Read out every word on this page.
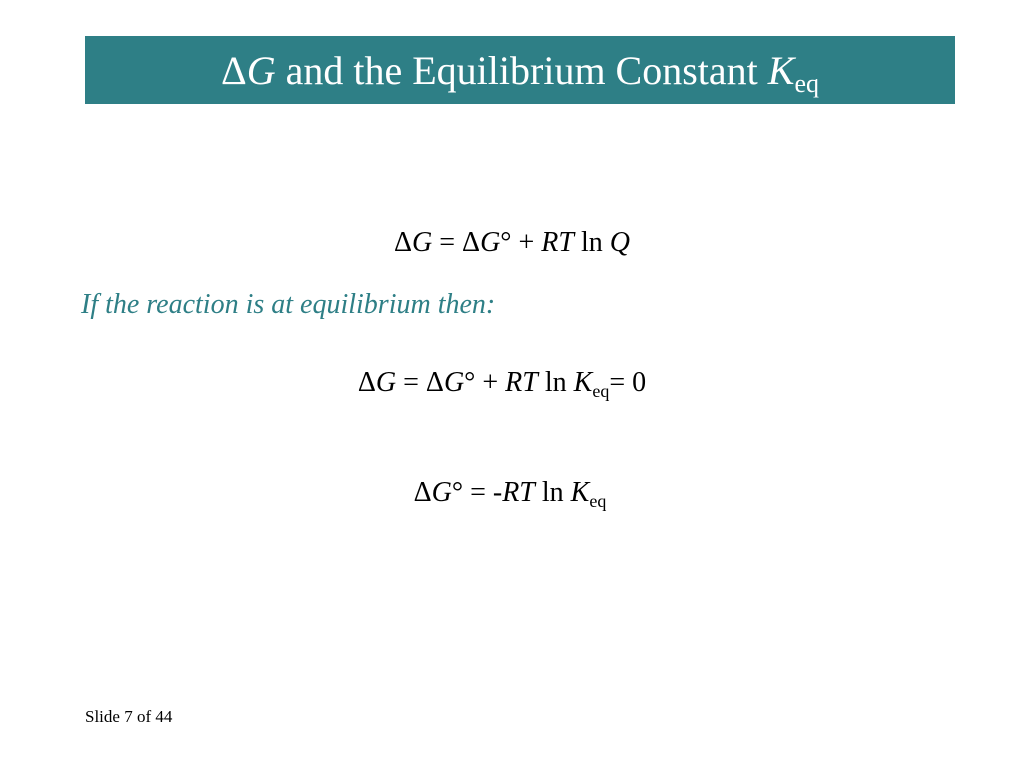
ΔG and the Equilibrium Constant $K_{eq}$
ΔG = ΔG° + RT ln Q
If the reaction is at equilibrium then:
ΔG = ΔG° + RT $\ln K_{eq}= 0$
ΔG° = -RT $\ln K_{eq}$
Slide 7 of 44
